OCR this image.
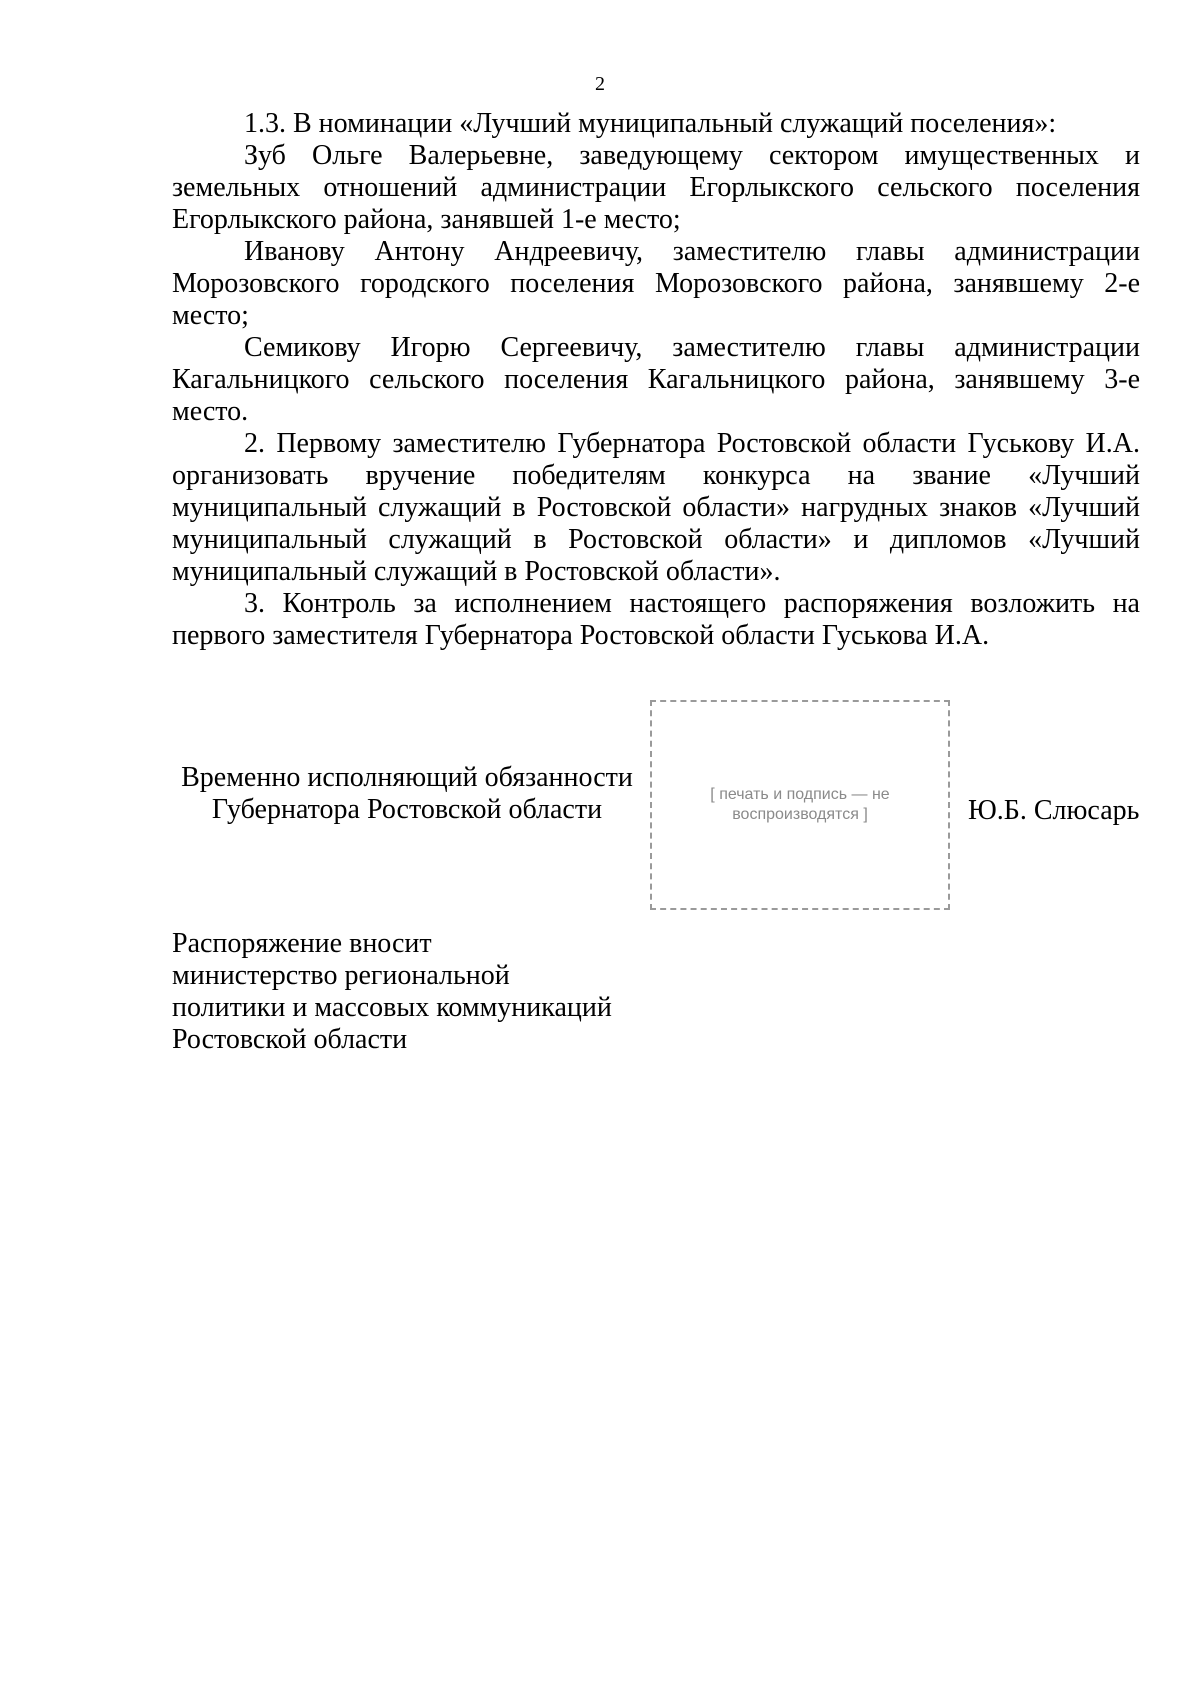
2

1.3. В номинации «Лучший муниципальный служащий поселения»:

Зуб Ольге Валерьевне, заведующему сектором имущественных и земельных отношений администрации Егорлыкского сельского поселения Егорлыкского района, занявшей 1-е место;

Иванову Антону Андреевичу, заместителю главы администрации Морозовского городского поселения Морозовского района, занявшему 2-е место;

Семикову Игорю Сергеевичу, заместителю главы администрации Кагальницкого сельского поселения Кагальницкого района, занявшему 3-е место.

2. Первому заместителю Губернатора Ростовской области Гуськову И.А. организовать вручение победителям конкурса на звание «Лучший муниципальный служащий в Ростовской области» нагрудных знаков «Лучший муниципальный служащий в Ростовской области» и дипломов «Лучший муниципальный служащий в Ростовской области».

3. Контроль за исполнением настоящего распоряжения возложить на первого заместителя Губернатора Ростовской области Гуськова И.А.

Временно исполняющий обязанности
Губернатора Ростовской области	[ печать и подпись — не воспроизводятся ]	Ю.Б. Слюсарь
Распоряжение вносит
министерство региональной
политики и массовых коммуникаций
Ростовской области
